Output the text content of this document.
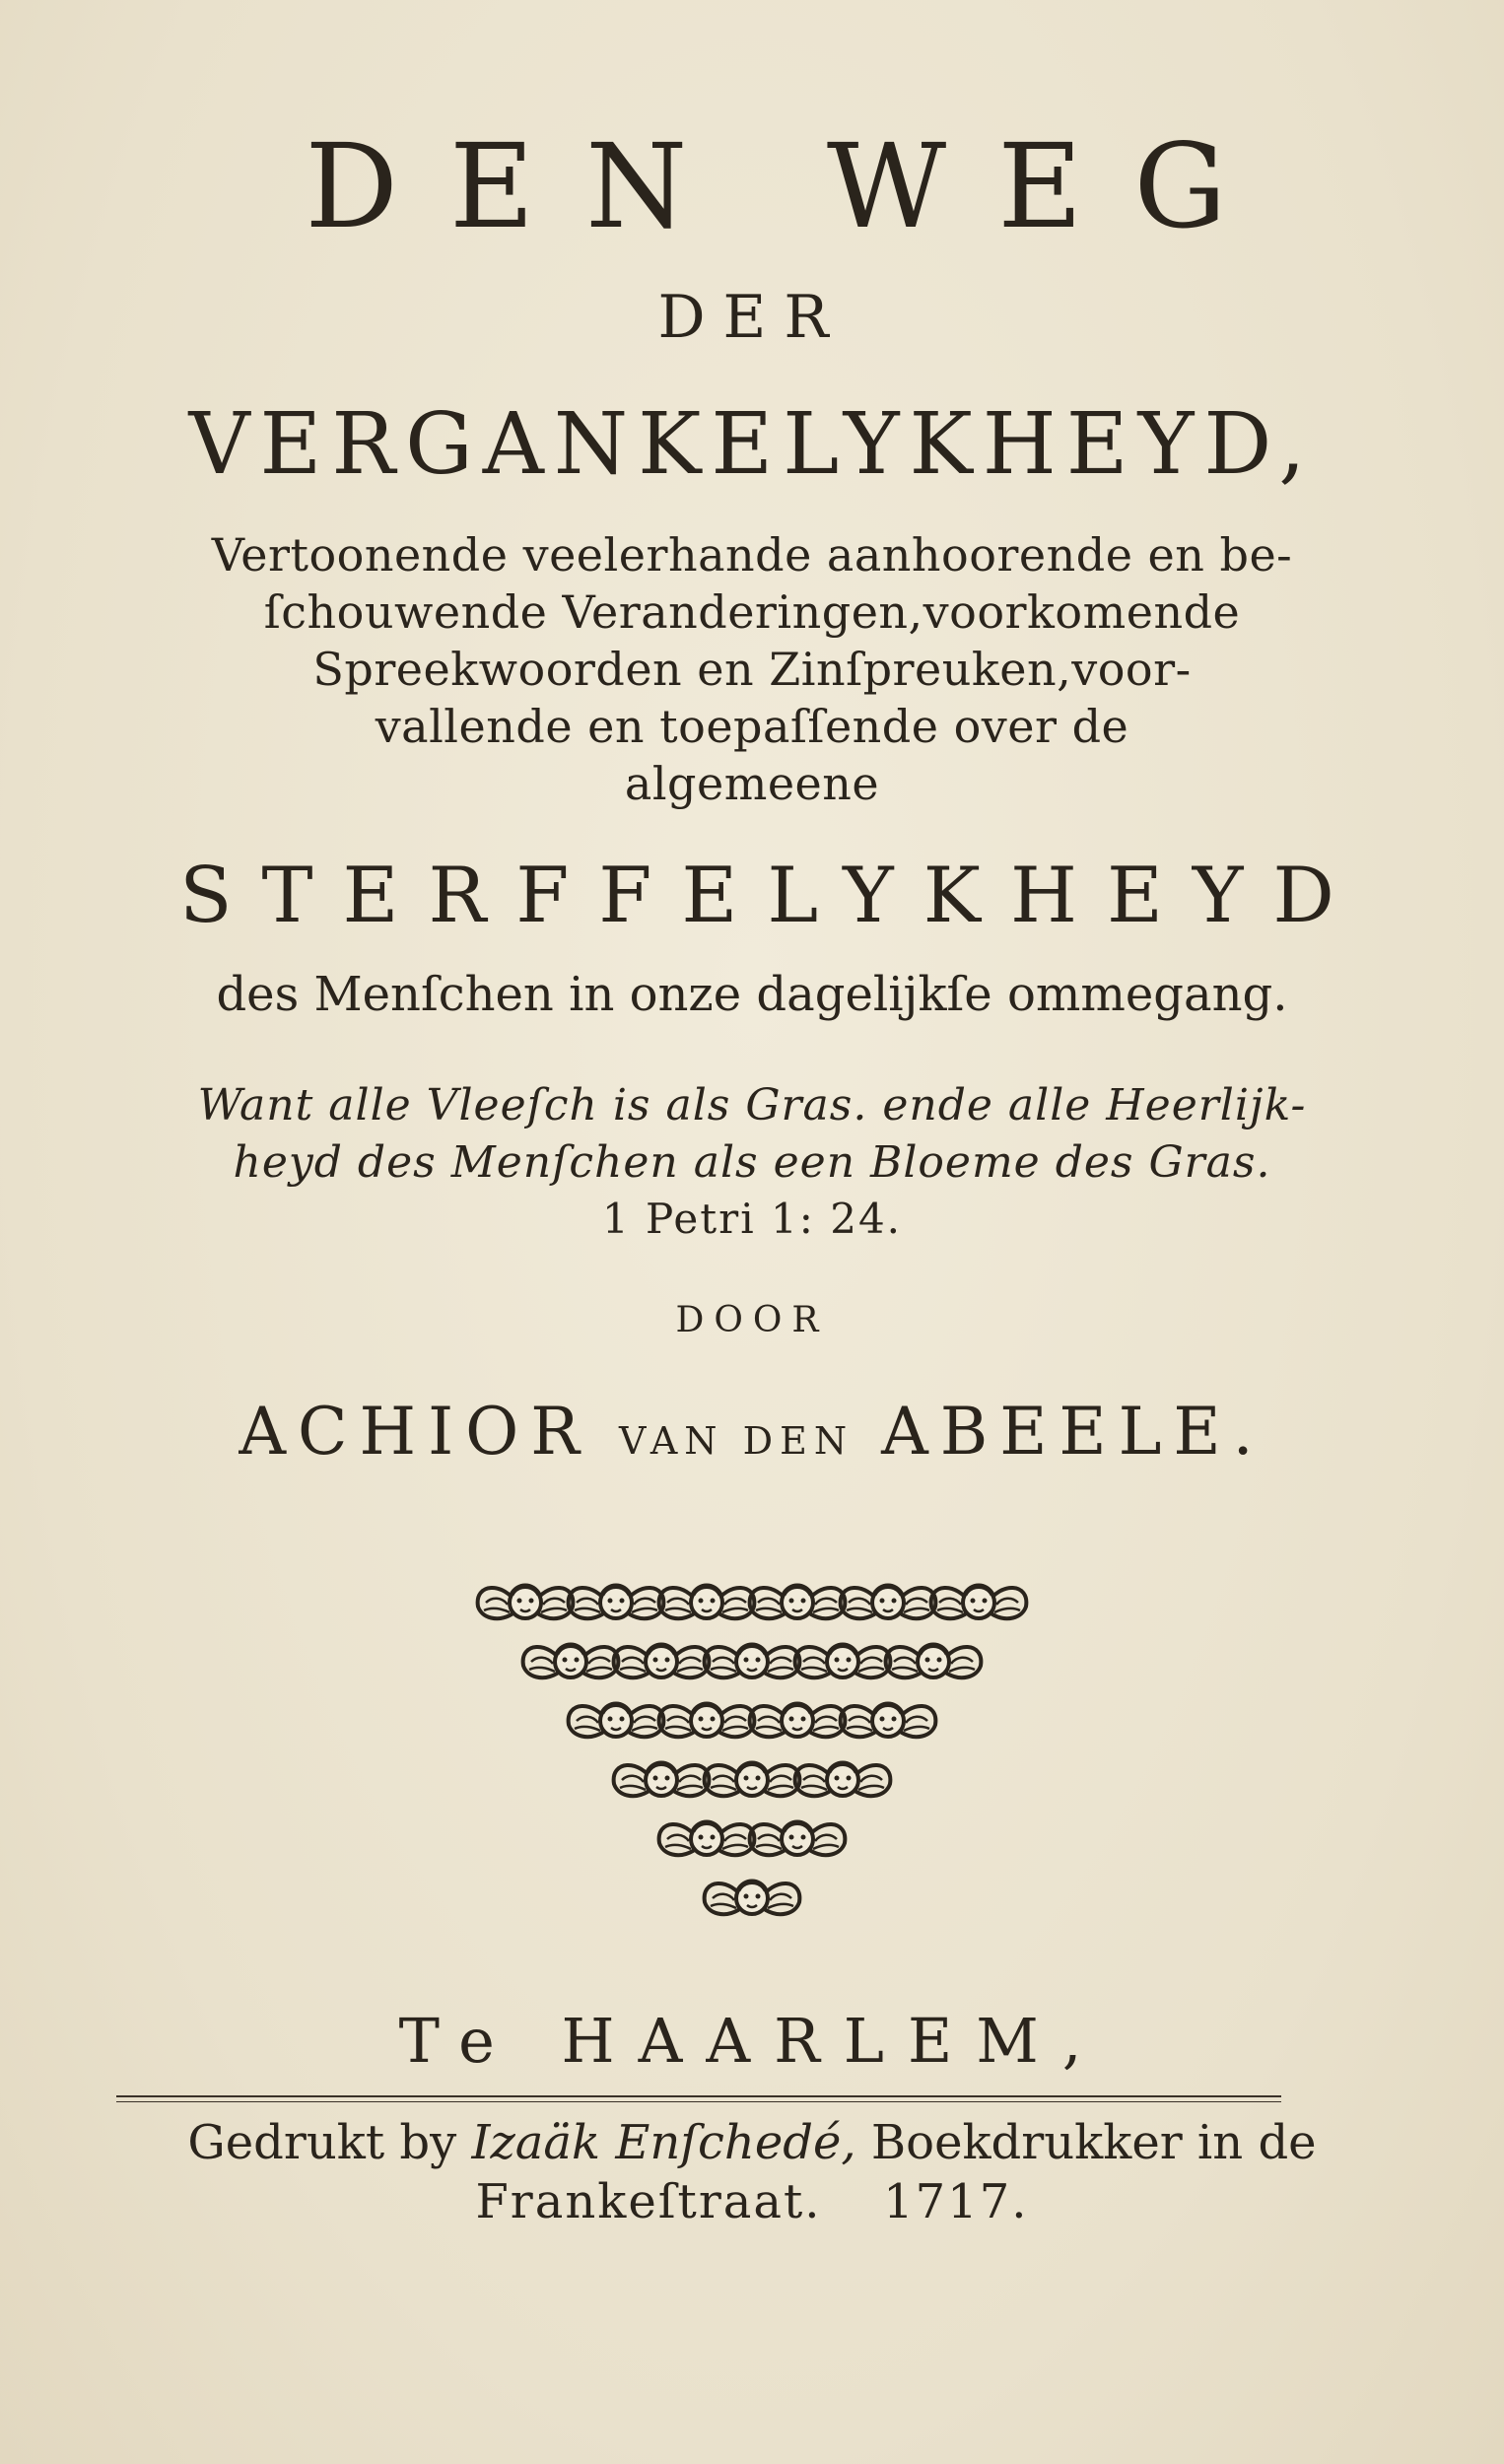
DEN WEG
DER
VERGANKELYKHEYD,
Vertoonende veelerhande aanhoorende en be-
ſchouwende Veranderingen,voorkomende
Spreekwoorden en Zinſpreuken,voor-
vallende en toepaſſende over de
algemeene
STERFFELYKHEYD
des Menſchen in onze dagelijkſe ommegang.
Want alle Vleeſch is als Gras. ende alle Heerlijk-
heyd des Menſchen als een Bloeme des Gras.
1 Petri 1: 24.
DOOR
ACHIOR VAN DEN ABEELE.
Te HAARLEM,
Gedrukt by Izaäk Enſchedé, Boekdrukker in de
Frankeſtraat. 1717.
